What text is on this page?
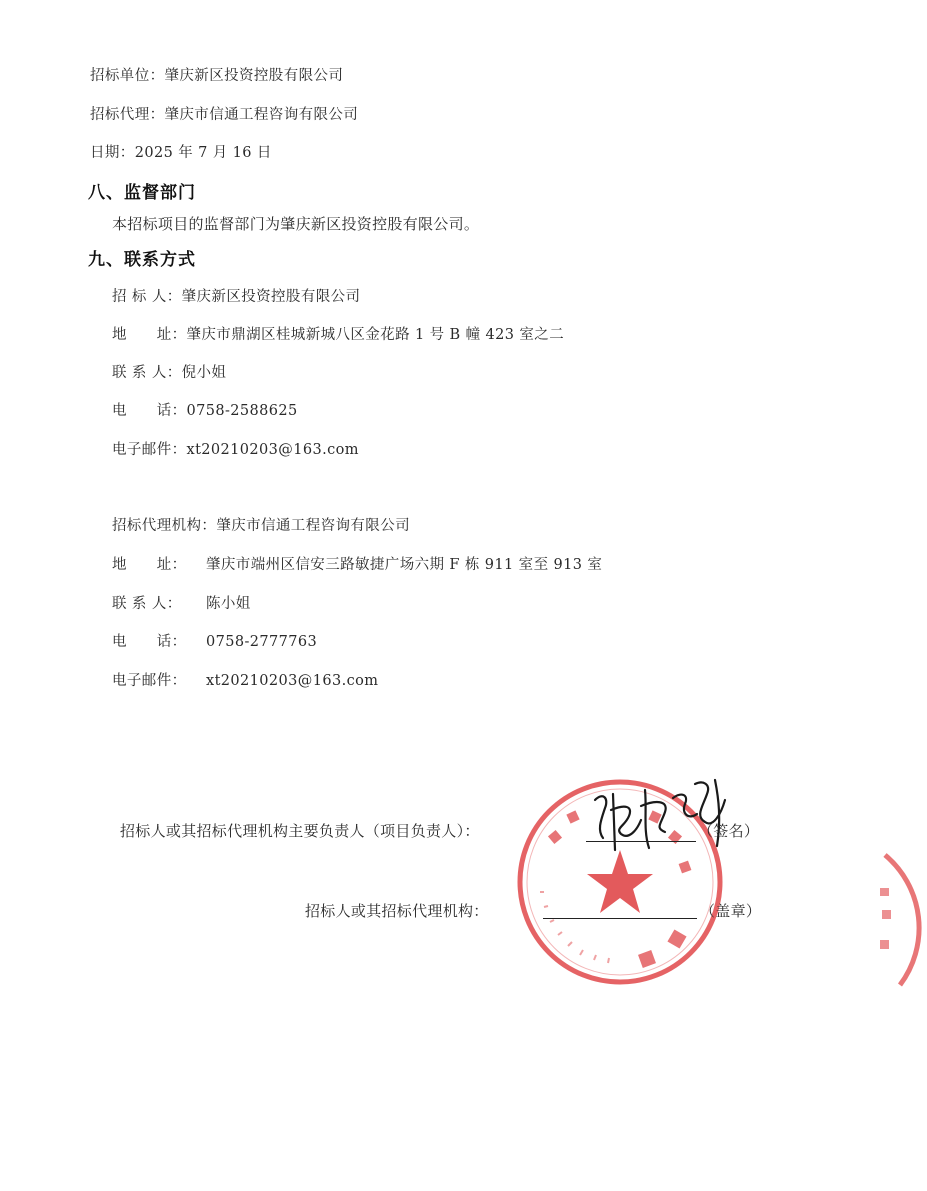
招标单位：肇庆新区投资控股有限公司
招标代理：肇庆市信通工程咨询有限公司
日期：2025 年 7 月 16 日
八、监督部门
本招标项目的监督部门为肇庆新区投资控股有限公司。
九、联系方式
招 标 人：肇庆新区投资控股有限公司
地　　址：肇庆市鼎湖区桂城新城八区金花路 1 号 B 幢 423 室之二
联 系 人：倪小姐
电　　话：0758-2588625
电子邮件：xt20210203@163.com
招标代理机构：肇庆市信通工程咨询有限公司
地　　址： 肇庆市端州区信安三路敏捷广场六期 F 栋 911 室至 913 室
联 系 人： 陈小姐
电　　话： 0758-2777763
电子邮件： xt20210203@163.com
招标人或其招标代理机构主要负责人（项目负责人）：	（签名）
招标人或其招标代理机构：	（盖章）
